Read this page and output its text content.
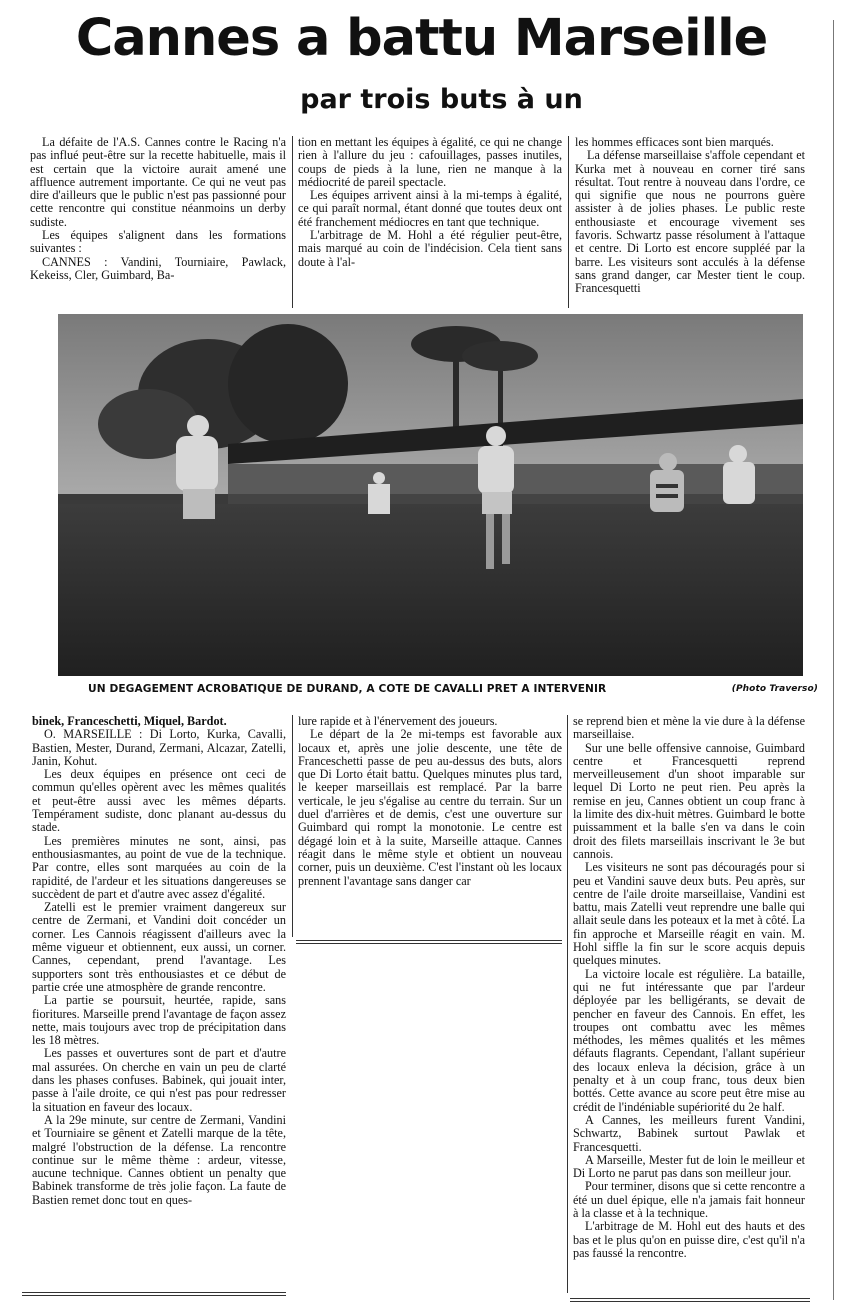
Cannes a battu Marseille
par trois buts à un

La défaite de l'A.S. Cannes contre le Racing n'a pas influé peut-être sur la recette habituelle, mais il est certain que la victoire aurait amené une affluence autrement importante. Ce qui ne veut pas dire d'ailleurs que le public n'est pas passionné pour cette rencontre qui constitue néanmoins un derby sudiste.

Les équipes s'alignent dans les formations suivantes :

CANNES : Vandini, Tourniaire, Pawlack, Kekeiss, Cler, Guimbard, Ba-

tion en mettant les équipes à égalité, ce qui ne change rien à l'allure du jeu : cafouillages, passes inutiles, coups de pieds à la lune, rien ne manque à la médiocrité de pareil spectacle.

Les équipes arrivent ainsi à la mi-temps à égalité, ce qui paraît normal, étant donné que toutes deux ont été franchement médiocres en tant que technique.

L'arbitrage de M. Hohl a été régulier peut-être, mais marqué au coin de l'indécision. Cela tient sans doute à l'al-

les hommes efficaces sont bien marqués.

La défense marseillaise s'affole cependant et Kurka met à nouveau en corner tiré sans résultat. Tout rentre à nouveau dans l'ordre, ce qui signifie que nous ne pourrons guère assister à de jolies phases. Le public reste enthousiaste et encourage vivement ses favoris. Schwartz passe résolument à l'attaque et centre. Di Lorto est encore suppléé par la barre. Les visiteurs sont acculés à la défense sans grand danger, car Mester tient le coup. Francesquetti

UN DEGAGEMENT ACROBATIQUE DE DURAND, A COTE DE CAVALLI PRET A INTERVENIR	(Photo Traverso)

binek, Franceschetti, Miquel, Bardot.

O. MARSEILLE : Di Lorto, Kurka, Cavalli, Bastien, Mester, Durand, Zermani, Alcazar, Zatelli, Janin, Kohut.

Les deux équipes en présence ont ceci de commun qu'elles opèrent avec les mêmes qualités et peut-être aussi avec les mêmes départs. Tempérament sudiste, donc planant au-dessus du stade.

Les premières minutes ne sont, ainsi, pas enthousiasmantes, au point de vue de la technique. Par contre, elles sont marquées au coin de la rapidité, de l'ardeur et les situations dangereuses se succèdent de part et d'autre avec assez d'égalité.

Zatelli est le premier vraiment dangereux sur centre de Zermani, et Vandini doit concéder un corner. Les Cannois réagissent d'ailleurs avec la même vigueur et obtiennent, eux aussi, un corner. Cannes, cependant, prend l'avantage. Les supporters sont très enthousiastes et ce début de partie crée une atmosphère de grande rencontre.

La partie se poursuit, heurtée, rapide, sans fioritures. Marseille prend l'avantage de façon assez nette, mais toujours avec trop de précipitation dans les 18 mètres.

Les passes et ouvertures sont de part et d'autre mal assurées. On cherche en vain un peu de clarté dans les phases confuses. Babinek, qui jouait inter, passe à l'aile droite, ce qui n'est pas pour redresser la situation en faveur des locaux.

A la 29e minute, sur centre de Zermani, Vandini et Tourniaire se gênent et Zatelli marque de la tête, malgré l'obstruction de la défense. La rencontre continue sur le même thème : ardeur, vitesse, aucune technique. Cannes obtient un penalty que Babinek transforme de très jolie façon. La faute de Bastien remet donc tout en ques-

lure rapide et à l'énervement des joueurs.

Le départ de la 2e mi-temps est favorable aux locaux et, après une jolie descente, une tête de Franceschetti passe de peu au-dessus des buts, alors que Di Lorto était battu. Quelques minutes plus tard, le keeper marseillais est remplacé. Par la barre verticale, le jeu s'égalise au centre du terrain. Sur un duel d'arrières et de demis, c'est une ouverture sur Guimbard qui rompt la monotonie. Le centre est dégagé loin et à la suite, Marseille attaque. Cannes réagit dans le même style et obtient un nouveau corner, puis un deuxième. C'est l'instant où les locaux prennent l'avantage sans danger car

se reprend bien et mène la vie dure à la défense marseillaise.

Sur une belle offensive cannoise, Guimbard centre et Francesquetti reprend merveilleusement d'un shoot imparable sur lequel Di Lorto ne peut rien. Peu après la remise en jeu, Cannes obtient un coup franc à la limite des dix-huit mètres. Guimbard le botte puissamment et la balle s'en va dans le coin droit des filets marseillais inscrivant le 3e but cannois.

Les visiteurs ne sont pas découragés pour si peu et Vandini sauve deux buts. Peu après, sur centre de l'aile droite marseillaise, Vandini est battu, mais Zatelli veut reprendre une balle qui allait seule dans les poteaux et la met à côté. La fin approche et Marseille réagit en vain. M. Hohl siffle la fin sur le score acquis depuis quelques minutes.

La victoire locale est régulière. La bataille, qui ne fut intéressante que par l'ardeur déployée par les belligérants, se devait de pencher en faveur des Cannois. En effet, les troupes ont combattu avec les mêmes méthodes, les mêmes qualités et les mêmes défauts flagrants. Cependant, l'allant supérieur des locaux enleva la décision, grâce à un penalty et à un coup franc, tous deux bien bottés. Cette avance au score peut être mise au crédit de l'indéniable supériorité du 2e half.

A Cannes, les meilleurs furent Vandini, Schwartz, Babinek surtout Pawlak et Francesquetti.

A Marseille, Mester fut de loin le meilleur et Di Lorto ne parut pas dans son meilleur jour.

Pour terminer, disons que si cette rencontre a été un duel épique, elle n'a jamais fait honneur à la classe et à la technique.

L'arbitrage de M. Hohl eut des hauts et des bas et le plus qu'on en puisse dire, c'est qu'il n'a pas faussé la rencontre.
